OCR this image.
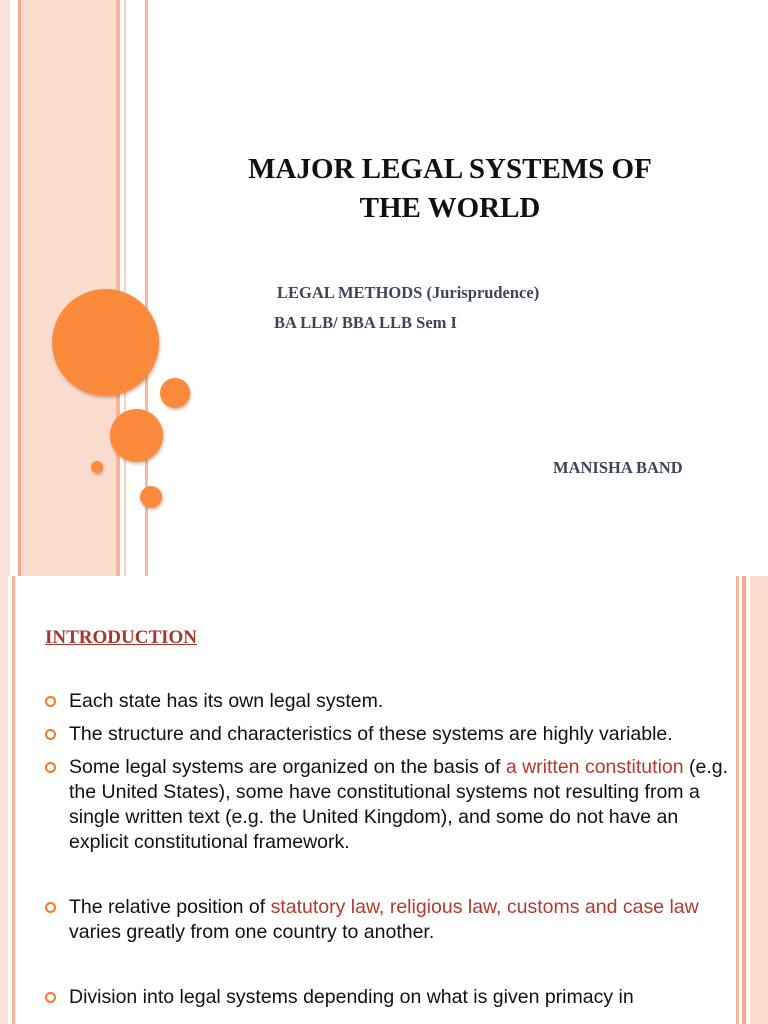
MAJOR LEGAL SYSTEMS OF
THE WORLD

LEGAL METHODS (Jurisprudence)

BA LLB/ BBA LLB Sem I

MANISHA BAND

INTRODUCTION

Each state has its own legal system.
The structure and characteristics of these systems are highly variable.
Some legal systems are organized on the basis of a written constitution (e.g. the United States), some have constitutional systems not resulting from a single written text (e.g. the United Kingdom), and some do not have an explicit constitutional framework.
The relative position of statutory law, religious law, customs and case law varies greatly from one country to another.
Division into legal systems depending on what is given primacy in
